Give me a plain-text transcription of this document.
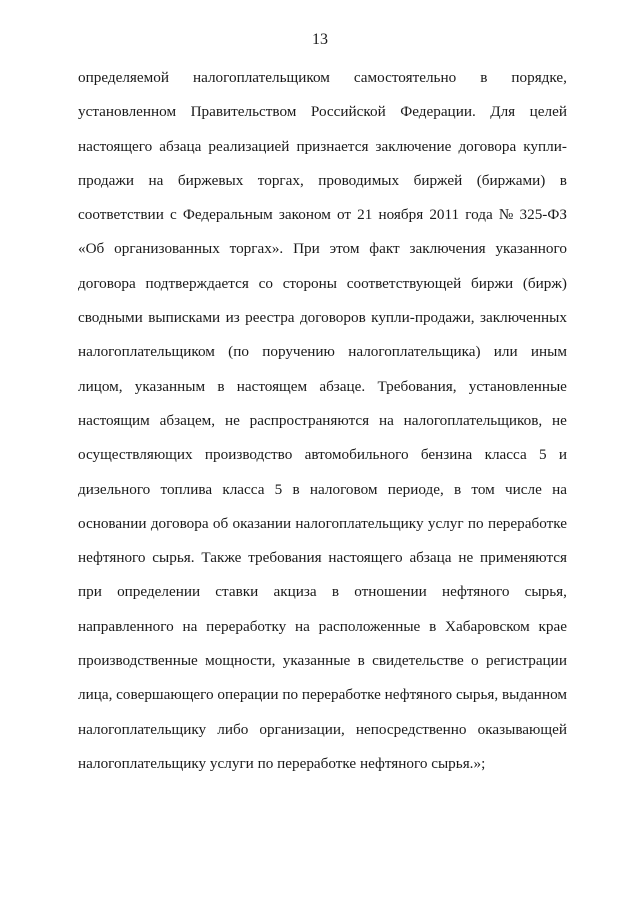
13
определяемой налогоплательщиком самостоятельно в порядке,
установленном Правительством Российской Федерации. Для целей
настоящего абзаца реализацией признается заключение договора купли-
продажи на биржевых торгах, проводимых биржей (биржами) в
соответствии с Федеральным законом от 21 ноября 2011 года № 325-ФЗ
«Об организованных торгах». При этом факт заключения указанного
договора подтверждается со стороны соответствующей биржи (бирж)
сводными выписками из реестра договоров купли-продажи, заключенных
налогоплательщиком (по поручению налогоплательщика) или иным
лицом, указанным в настоящем абзаце. Требования, установленные
настоящим абзацем, не распространяются на налогоплательщиков, не
осуществляющих производство автомобильного бензина класса 5 и
дизельного топлива класса 5 в налоговом периоде, в том числе на
основании договора об оказании налогоплательщику услуг по переработке
нефтяного сырья. Также требования настоящего абзаца не применяются
при определении ставки акциза в отношении нефтяного сырья,
направленного на переработку на расположенные в Хабаровском крае
производственные мощности, указанные в свидетельстве о регистрации
лица, совершающего операции по переработке нефтяного сырья, выданном
налогоплательщику либо организации, непосредственно оказывающей
налогоплательщику услуги по переработке нефтяного сырья.»;
